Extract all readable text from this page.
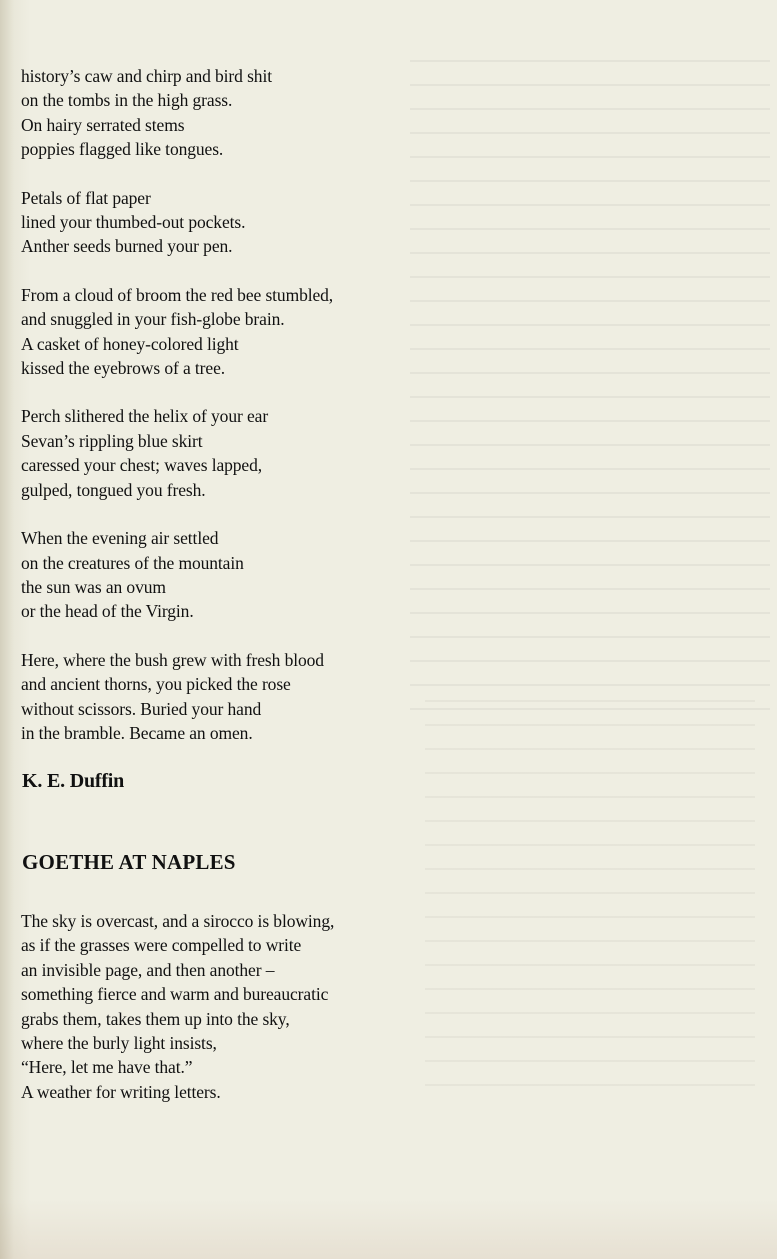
history’s caw and chirp and bird shit
on the tombs in the high grass.
On hairy serrated stems
poppies flagged like tongues.
Petals of flat paper
lined your thumbed-out pockets.
Anther seeds burned your pen.
From a cloud of broom the red bee stumbled,
and snuggled in your fish-globe brain.
A casket of honey-colored light
kissed the eyebrows of a tree.
Perch slithered the helix of your ear
Sevan’s rippling blue skirt
caressed your chest; waves lapped,
gulped, tongued you fresh.
When the evening air settled
on the creatures of the mountain
the sun was an ovum
or the head of the Virgin.
Here, where the bush grew with fresh blood
and ancient thorns, you picked the rose
without scissors. Buried your hand
in the bramble. Became an omen.
K. E. Duffin
GOETHE AT NAPLES
The sky is overcast, and a sirocco is blowing,
as if the grasses were compelled to write
an invisible page, and then another –
something fierce and warm and bureaucratic
grabs them, takes them up into the sky,
where the burly light insists,
“Here, let me have that.”
A weather for writing letters.
